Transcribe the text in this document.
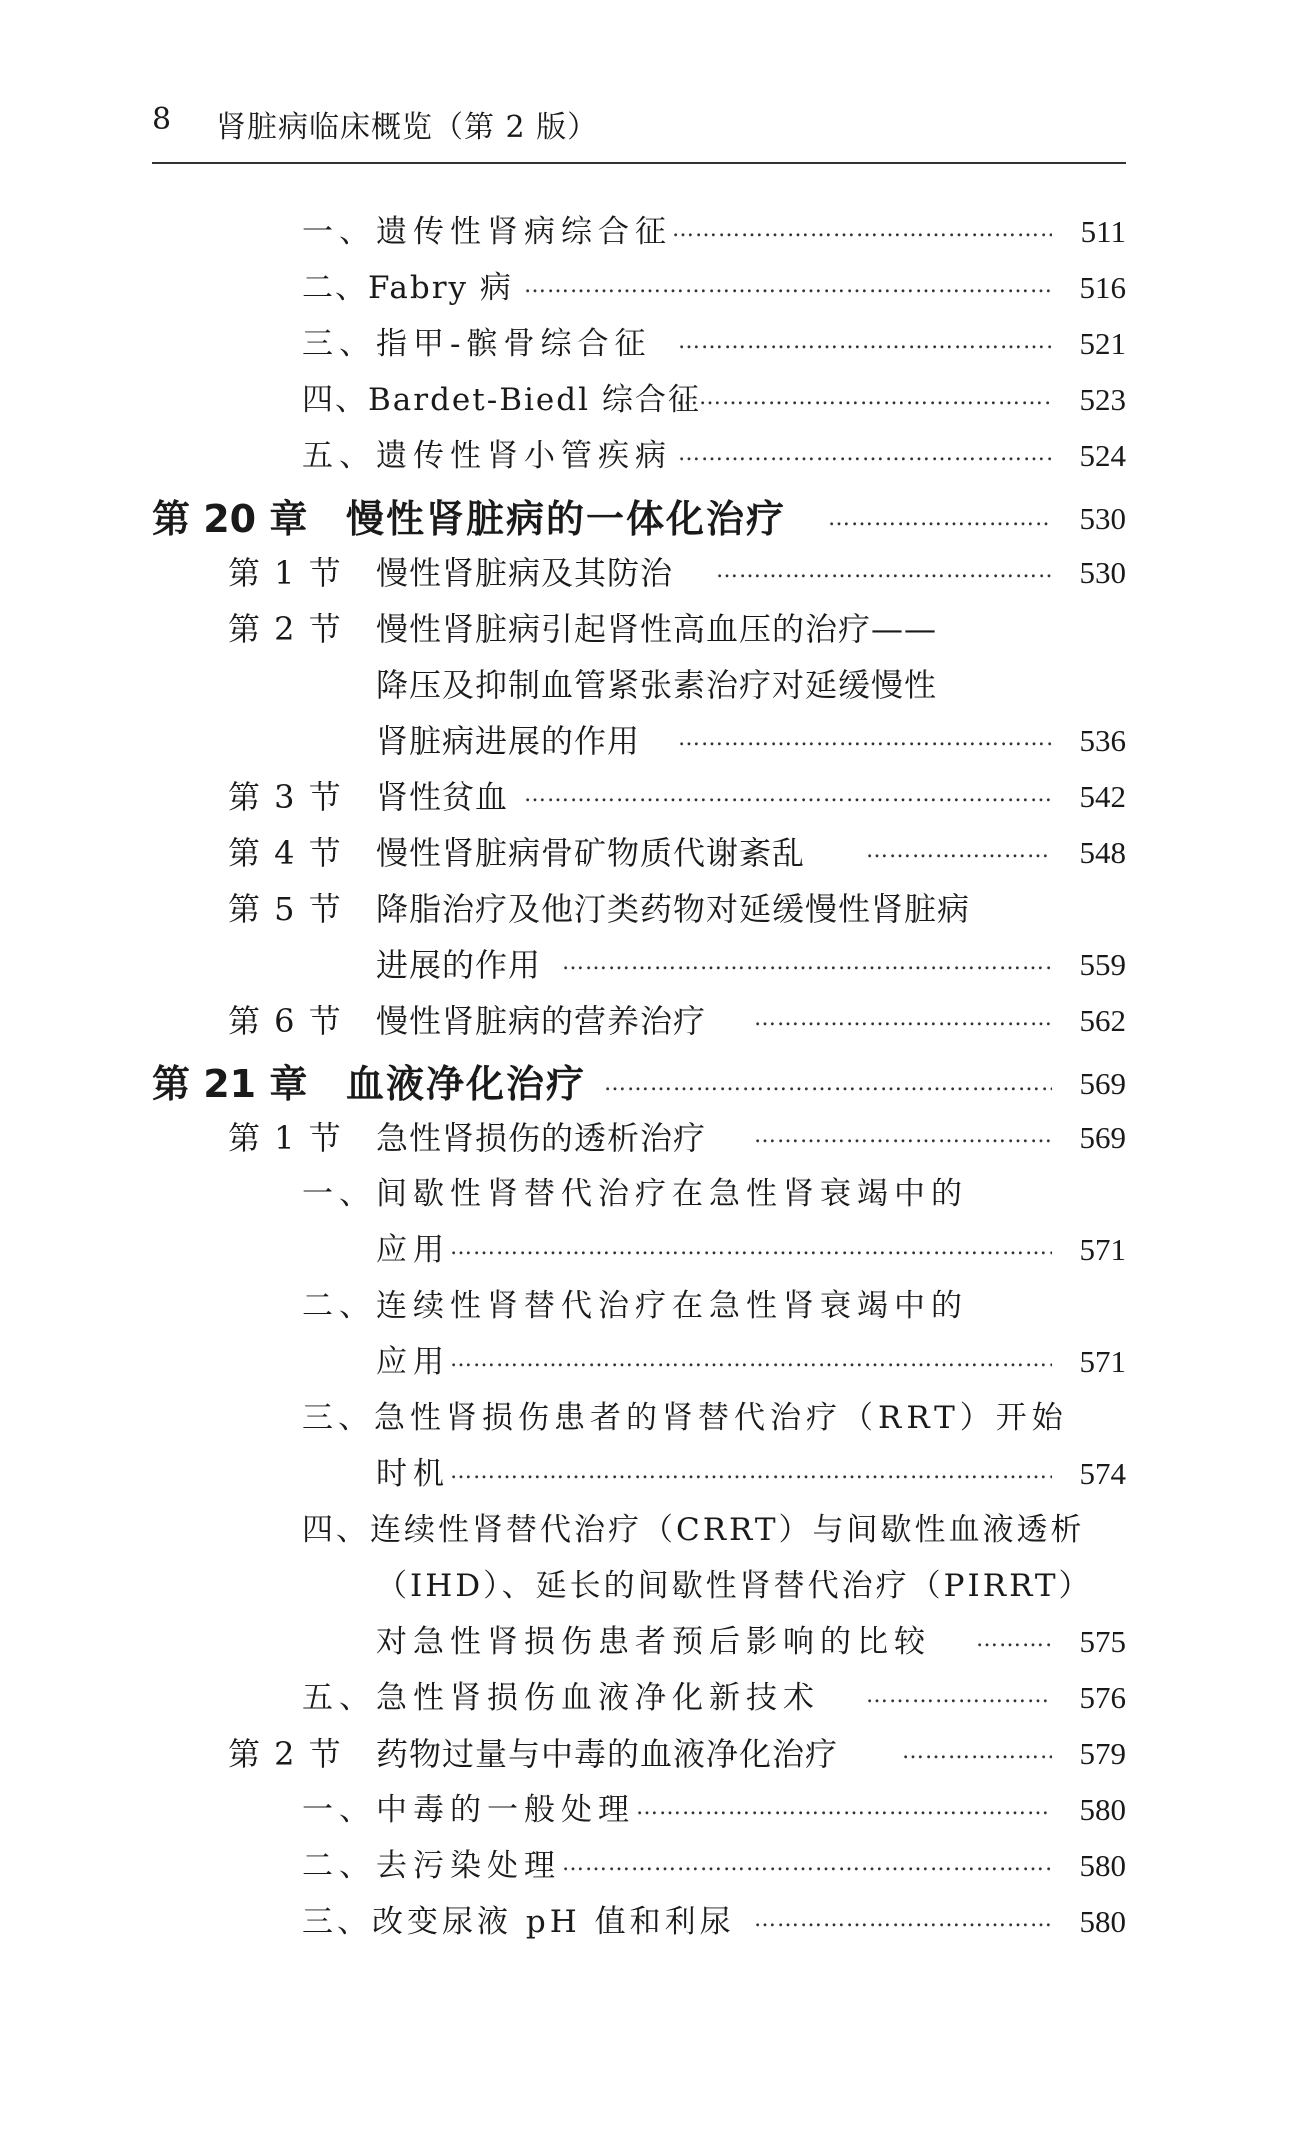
8 肾脏病临床概览（第 2 版）
一、遗传性肾病综合征 ………………………………………………………………………………………………………………	511
二、Fabry 病 ………………………………………………………………………………………………………………	516
三、指甲-髌骨综合征 ………………………………………………………………………………………………………………	521
四、Bardet-Biedl 综合征 ………………………………………………………………………………………………………………	523
五、遗传性肾小管疾病 ………………………………………………………………………………………………………………	524
第 20 章 慢性肾脏病的一体化治疗 ………………………………………………………………………………………………………………	530
第 1 节 慢性肾脏病及其防治 ………………………………………………………………………………………………………………	530
第 2 节 慢性肾脏病引起肾性高血压的治疗——
降压及抑制血管紧张素治疗对延缓慢性
肾脏病进展的作用 ………………………………………………………………………………………………………………	536
第 3 节 肾性贫血 ………………………………………………………………………………………………………………	542
第 4 节 慢性肾脏病骨矿物质代谢紊乱 ………………………………………………………………………………………………………………	548
第 5 节 降脂治疗及他汀类药物对延缓慢性肾脏病
进展的作用 ………………………………………………………………………………………………………………	559
第 6 节 慢性肾脏病的营养治疗 ………………………………………………………………………………………………………………	562
第 21 章 血液净化治疗 ………………………………………………………………………………………………………………	569
第 1 节 急性肾损伤的透析治疗 ………………………………………………………………………………………………………………	569
一、间歇性肾替代治疗在急性肾衰竭中的
应用 ………………………………………………………………………………………………………………	571
二、连续性肾替代治疗在急性肾衰竭中的
应用 ………………………………………………………………………………………………………………	571
三、急性肾损伤患者的肾替代治疗（RRT）开始
时机 ………………………………………………………………………………………………………………	574
四、连续性肾替代治疗（CRRT）与间歇性血液透析
（IHD）、延长的间歇性肾替代治疗（PIRRT）
对急性肾损伤患者预后影响的比较 ………………………………………………………………………………………………………………	575
五、急性肾损伤血液净化新技术 ………………………………………………………………………………………………………………	576
第 2 节 药物过量与中毒的血液净化治疗 ………………………………………………………………………………………………………………	579
一、中毒的一般处理 ………………………………………………………………………………………………………………	580
二、去污染处理 ………………………………………………………………………………………………………………	580
三、改变尿液 pH 值和利尿 ………………………………………………………………………………………………………………	580
